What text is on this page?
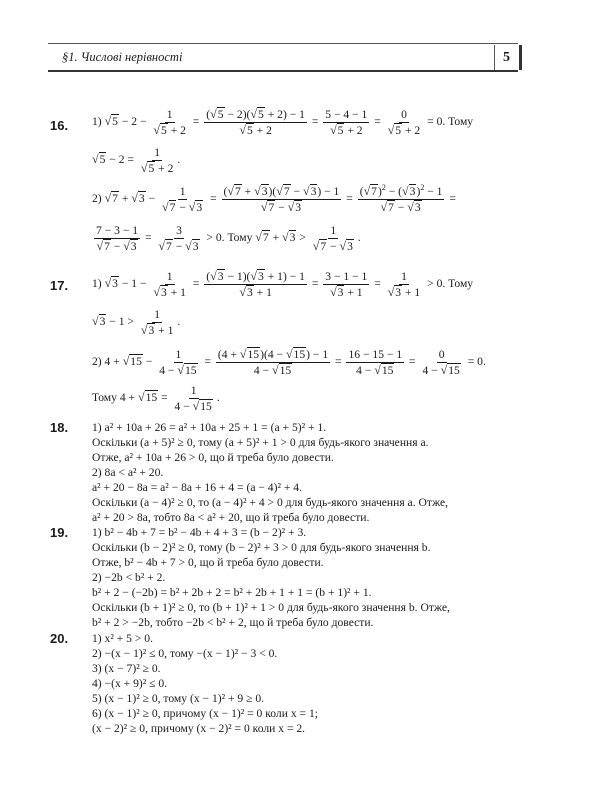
§1. Числові нерівності	5
16. 1) $√5 - 2 - \frac{1}{√5 + 2} = \frac{(√5 - 2)(√5 + 2) - 1}{√5 + 2} = \frac{5 - 4 - 1}{√5 + 2} = \frac{0}{√5 + 2} = 0$. Тому
$√5 - 2 = \frac{1}{√5 + 2}$ .
2) $√7 + √3 - \frac{1}{√7 - √3} = \frac{(√7 + √3)(√7 - √3) - 1}{√7 - √3} = \frac{(√7)^2 - (√3)^2 - 1}{√7 - √3}$ =
$\frac{7 - 3 - 1}{√7 - √3} = \frac{3}{√7 - √3} > 0$. Тому $√7 + √3 > \frac{1}{√7 - √3}$ .
17. 1) $√3 - 1 - \frac{1}{√3 + 1} = \frac{(√3 - 1)(√3 + 1) - 1}{√3 + 1} = \frac{3 - 1 - 1}{√3 + 1} = \frac{1}{√3 + 1} > 0$. Тому
$√3 - 1 > \frac{1}{√3 + 1}$ .
2) $4 + √15 - \frac{1}{4 - √15} = \frac{(4 + √15)(4 - √15) - 1}{4 - √15} = \frac{16 - 15 - 1}{4 - √15} = \frac{0}{4 - √15} = 0$.
Тому $4 + √15 = \frac{1}{4 - √15}$ .
18. 1) a² + 10a + 26 = a² + 10a + 25 + 1 = (a + 5)² + 1.
Оскільки (a + 5)² ≥ 0, тому (a + 5)² + 1 > 0 для будь-якого значення a.
Отже, a² + 10a + 26 > 0, що й треба було довести.
2) 8a < a² + 20.
a² + 20 − 8a = a² − 8a + 16 + 4 = (a − 4)² + 4.
Оскільки (a − 4)² ≥ 0, то (a − 4)² + 4 > 0 для будь-якого значення a. Отже,
a² + 20 > 8a, тобто 8a < a² + 20, що й треба було довести.
19. 1) b² − 4b + 7 = b² − 4b + 4 + 3 = (b − 2)² + 3.
Оскільки (b − 2)² ≥ 0, тому (b − 2)² + 3 > 0 для будь-якого значення b.
Отже, b² − 4b + 7 > 0, що й треба було довести.
2) −2b < b² + 2.
b² + 2 − (−2b) = b² + 2b + 2 = b² + 2b + 1 + 1 = (b + 1)² + 1.
Оскільки (b + 1)² ≥ 0, то (b + 1)² + 1 > 0 для будь-якого значення b. Отже,
b² + 2 > −2b, тобто −2b < b² + 2, що й треба було довести.
20. 1) x² + 5 > 0.
2) −(x − 1)² ≤ 0, тому −(x − 1)² − 3 < 0.
3) (x − 7)² ≥ 0.
4) −(x + 9)² ≤ 0.
5) (x − 1)² ≥ 0, тому (x − 1)² + 9 ≥ 0.
6) (x − 1)² ≥ 0, причому (x − 1)² = 0 коли x = 1;
(x − 2)² ≥ 0, причому (x − 2)² = 0 коли x = 2.
